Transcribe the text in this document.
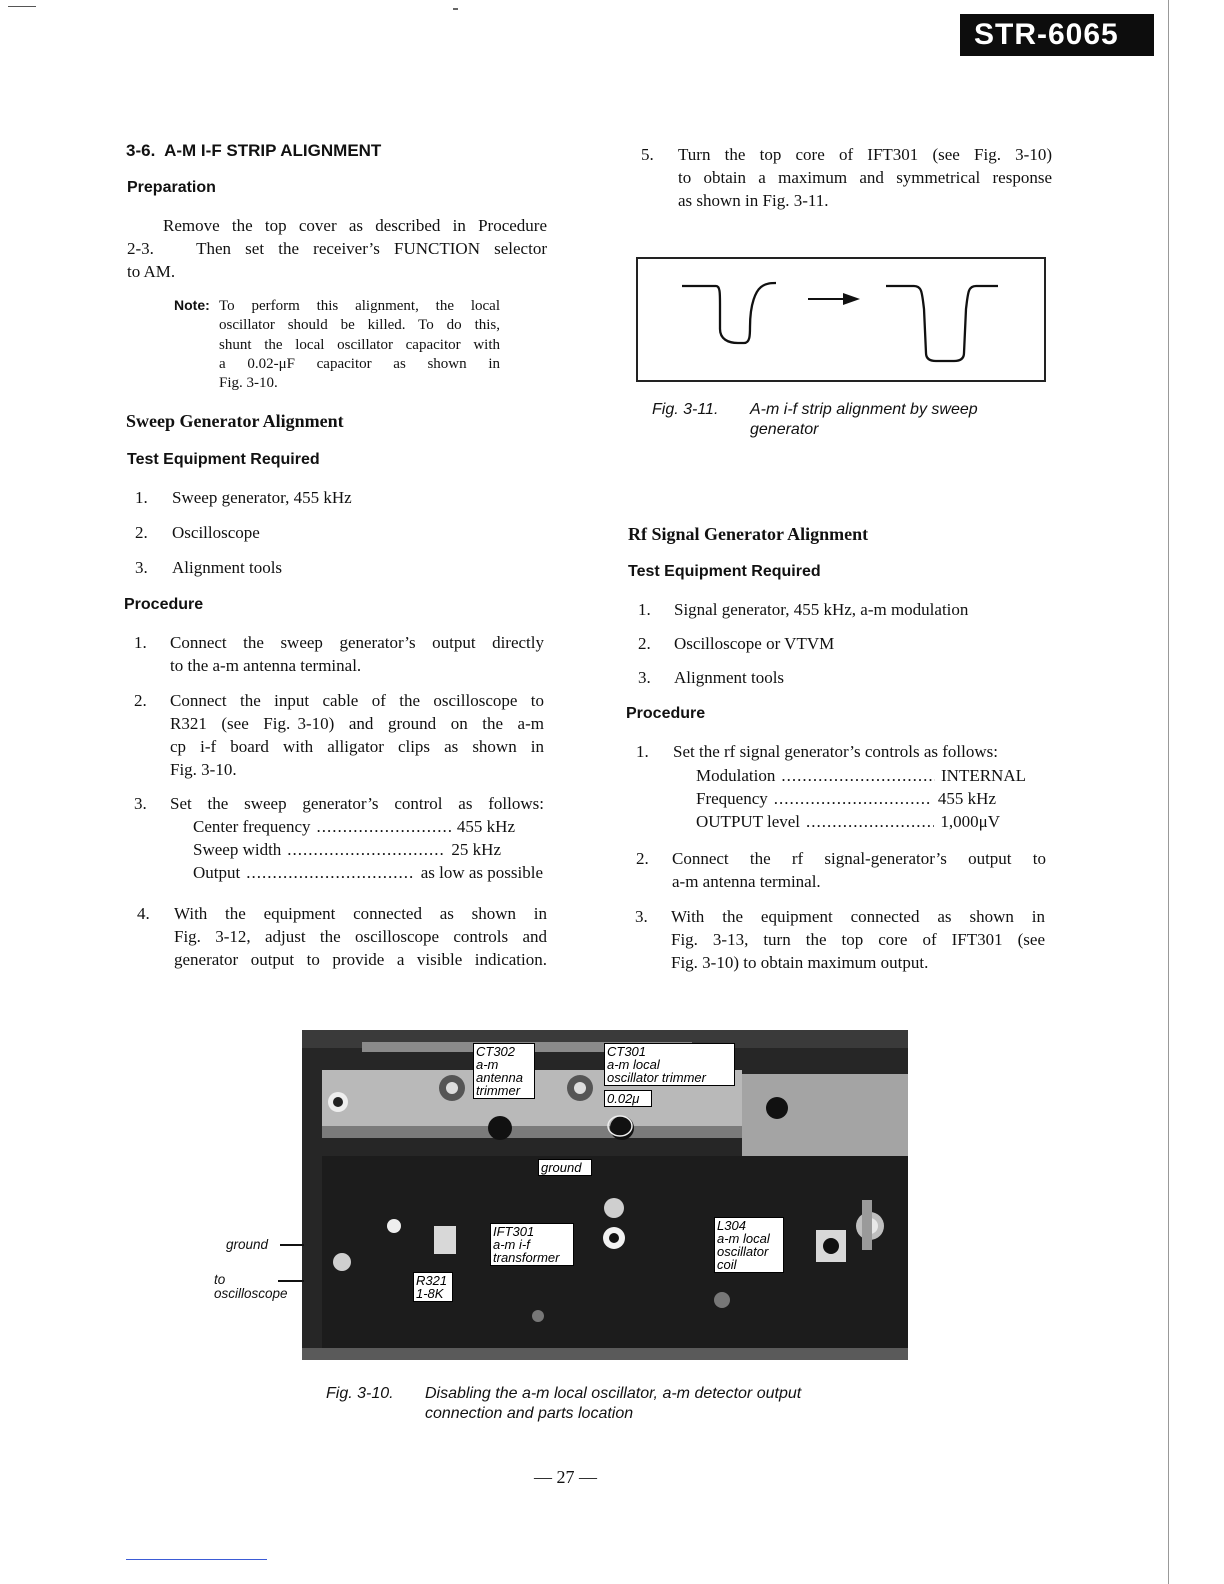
STR-6065
3-6.  A-M I-F STRIP ALIGNMENT
Preparation
Remove the top cover as described in Procedure
2-3.   Then set the receiver’s FUNCTION selector
to AM.
Note: To perform this alignment, the local
oscillator should be killed. To do this,
shunt the local oscillator capacitor with
a   0.02-μF   capacitor   as   shown   in
Fig. 3-10.
Sweep Generator Alignment
Test Equipment Required
1. Sweep generator, 455 kHz
2. Oscilloscope
3. Alignment tools
Procedure
1. Connect the sweep generator’s output directly
to the a-m antenna terminal.
2. Connect the input cable of the oscilloscope to
R321  (see  Fig. 3-10)  and  ground  on  the  a-m
cp i-f board with alligator clips as shown in
Fig. 3-10.
3. Set the sweep generator’s control as follows:
Center frequency .....	455 kHz
Sweep width .....	25 kHz
Output .....	as low as possible
4. With the equipment connected as shown in
Fig. 3-12, adjust the oscilloscope controls and
generator output to provide a visible indication.
5. Turn the top core of IFT301 (see Fig. 3-10)
to obtain a maximum and symmetrical response
as shown in Fig. 3-11.
Fig. 3-11. A-m i-f strip alignment by sweep
generator
Rf Signal Generator Alignment
Test Equipment Required
1. Signal generator, 455 kHz, a-m modulation
2. Oscilloscope or VTVM
3. Alignment tools
Procedure
1. Set the rf signal generator’s controls as follows:
Modulation .....	INTERNAL
Frequency .....	455 kHz
OUTPUT level .....	1,000μV
2. Connect  the  rf  signal-generator’s  output  to
a-m antenna terminal.
3. With the equipment connected as shown in
Fig. 3-13, turn the top core of IFT301 (see
Fig. 3-10) to obtain maximum output.
CT302
a-m
antenna
trimmer
CT301
a-m local
oscillator trimmer
0.02μ
ground
IFT301
a-m i-f
transformer
L304
a-m local
oscillator
coil
R321
1-8K
ground
to
oscilloscope
Fig. 3-10. Disabling the a-m local oscillator, a-m detector output
connection and parts location
— 27 —
